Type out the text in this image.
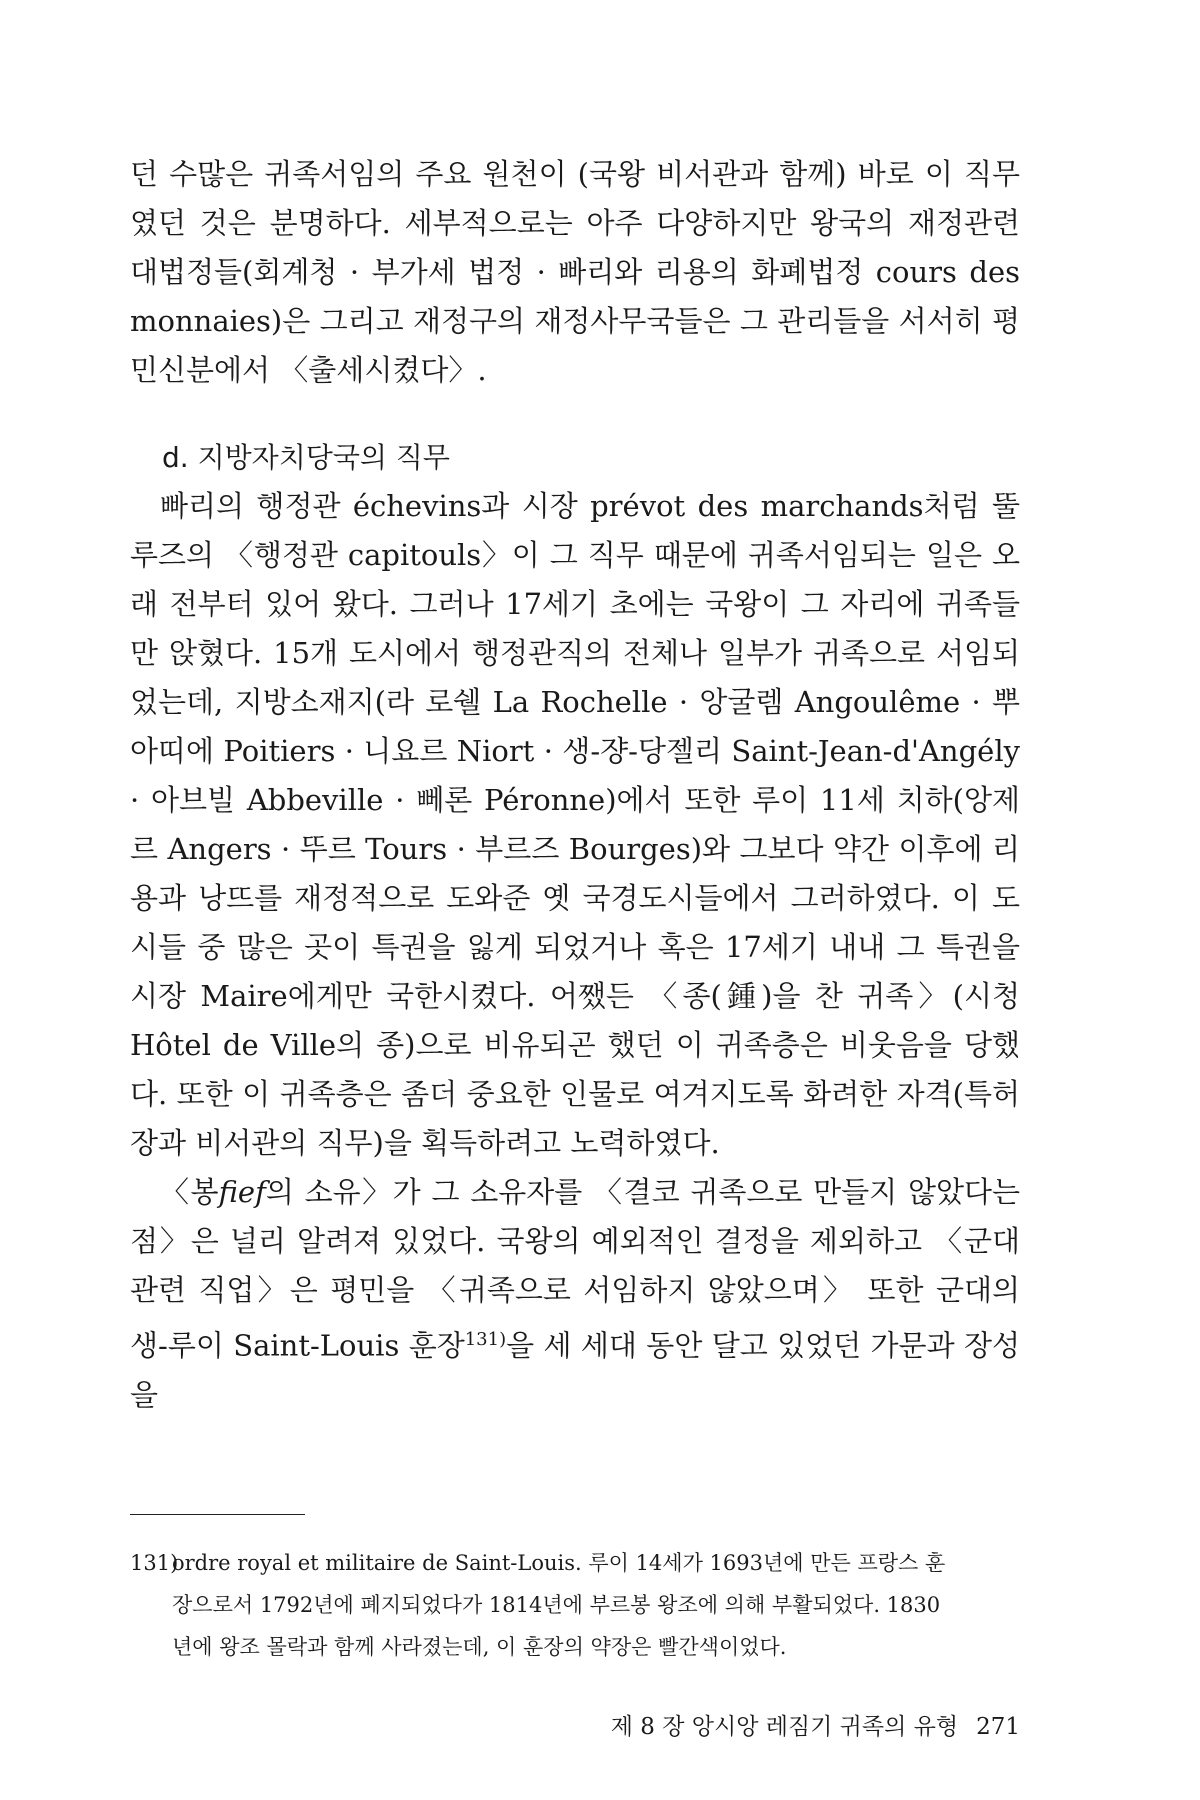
던 수많은 귀족서임의 주요 원천이 (국왕 비서관과 함께) 바로 이 직무였던 것은 분명하다. 세부적으로는 아주 다양하지만 왕국의 재정관련 대법정들(회계청 · 부가세 법정 · 빠리와 리용의 화폐법정 cours des monnaies)은 그리고 재정구의 재정사무국들은 그 관리들을 서서히 평민신분에서 〈출세시켰다〉.

d. 지방자치당국의 직무

빠리의 행정관 échevins과 시장 prévot des marchands처럼 뚤루즈의 〈행정관 capitouls〉이 그 직무 때문에 귀족서임되는 일은 오래 전부터 있어 왔다. 그러나 17세기 초에는 국왕이 그 자리에 귀족들만 앉혔다. 15개 도시에서 행정관직의 전체나 일부가 귀족으로 서임되었는데, 지방소재지(라 로쉘 La Rochelle · 앙굴렘 Angoulême · 뿌아띠에 Poitiers · 니요르 Niort · 생-쟝-당젤리 Saint-Jean-d'Angély · 아브빌 Abbeville · 뻬론 Péronne)에서 또한 루이 11세 치하(앙제르 Angers · 뚜르 Tours · 부르즈 Bourges)와 그보다 약간 이후에 리용과 낭뜨를 재정적으로 도와준 옛 국경도시들에서 그러하였다. 이 도시들 중 많은 곳이 특권을 잃게 되었거나 혹은 17세기 내내 그 특권을 시장 Maire에게만 국한시켰다. 어쨌든 〈종(鍾)을 찬 귀족〉(시청 Hôtel de Ville의 종)으로 비유되곤 했던 이 귀족층은 비웃음을 당했다. 또한 이 귀족층은 좀더 중요한 인물로 여겨지도록 화려한 자격(특허장과 비서관의 직무)을 획득하려고 노력하였다.

〈봉fief의 소유〉가 그 소유자를 〈결코 귀족으로 만들지 않았다는 점〉은 널리 알려져 있었다. 국왕의 예외적인 결정을 제외하고 〈군대 관련 직업〉은 평민을 〈귀족으로 서임하지 않았으며〉 또한 군대의 생-루이 Saint-Louis 훈장$^{131)}$을 세 세대 동안 달고 있었던 가문과 장성을

131)ordre royal et militaire de Saint-Louis. 루이 14세가 1693년에 만든 프랑스 훈
장으로서 1792년에 폐지되었다가 1814년에 부르봉 왕조에 의해 부활되었다. 1830
년에 왕조 몰락과 함께 사라졌는데, 이 훈장의 약장은 빨간색이었다.
제 8 장 앙시앙 레짐기 귀족의 유형 271
